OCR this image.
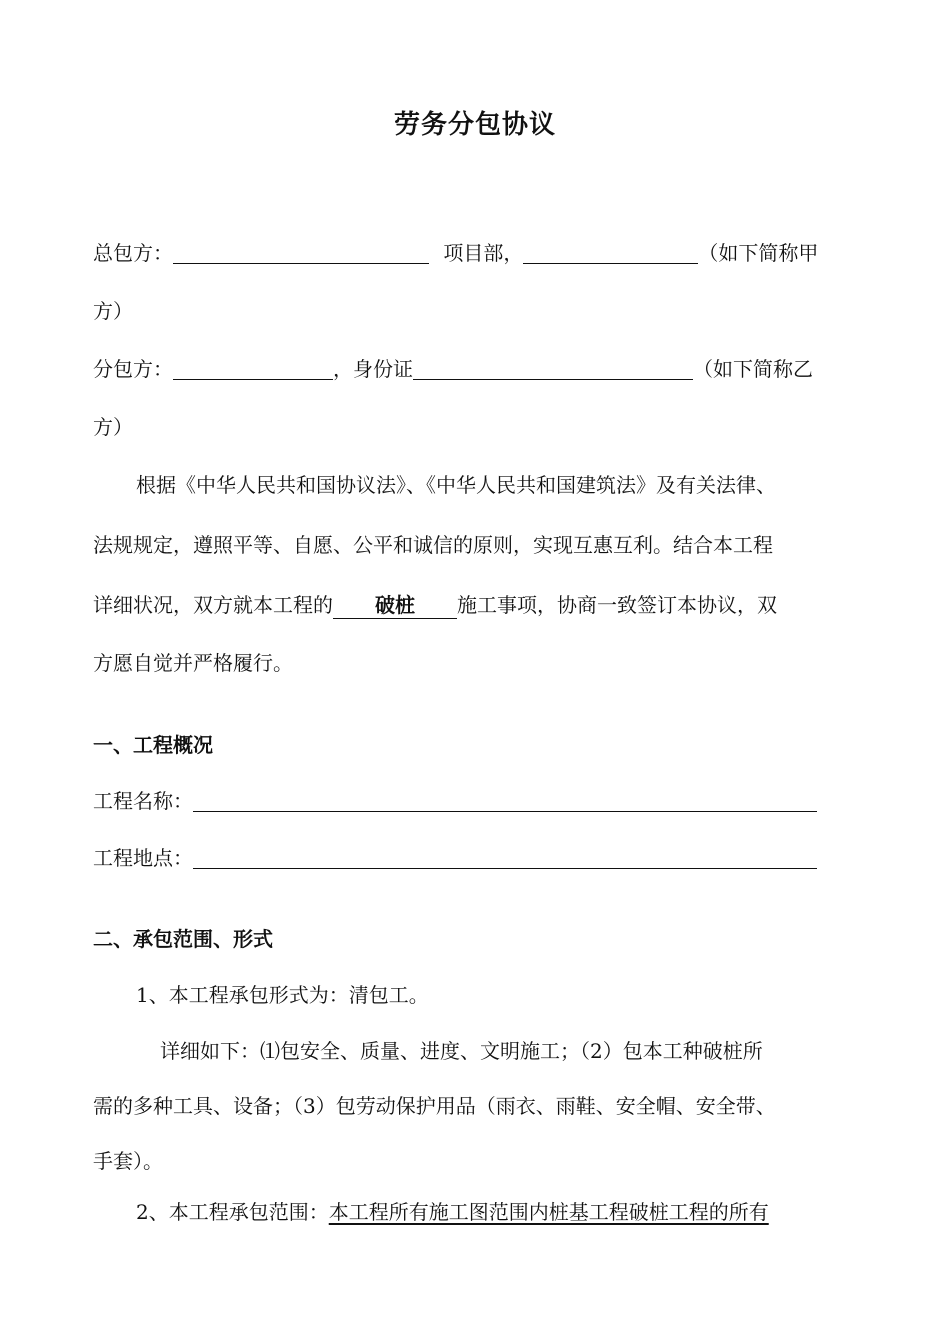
劳务分包协议
总包方：	项目部，	（如下简称甲
方）
分包方：	，身份证	（如下简称乙
方）
根据《中华人民共和国协议法》、《中华人民共和国建筑法》及有关法律、
法规规定，遵照平等、自愿、公平和诚信的原则，实现互惠互利。结合本工程
详细状况，双方就本工程的 破桩 施工事项，协商一致签订本协议，双
方愿自觉并严格履行。
一、工程概况
工程名称：
工程地点：
二、承包范围、形式
1、本工程承包形式为：清包工。
详细如下：⑴包安全、质量、进度、文明施工；（2）包本工种破桩所
需的多种工具、设备；（3）包劳动保护用品（雨衣、雨鞋、安全帽、安全带、
手套）。
2、本工程承包范围：本工程所有施工图范围内桩基工程破桩工程的所有
